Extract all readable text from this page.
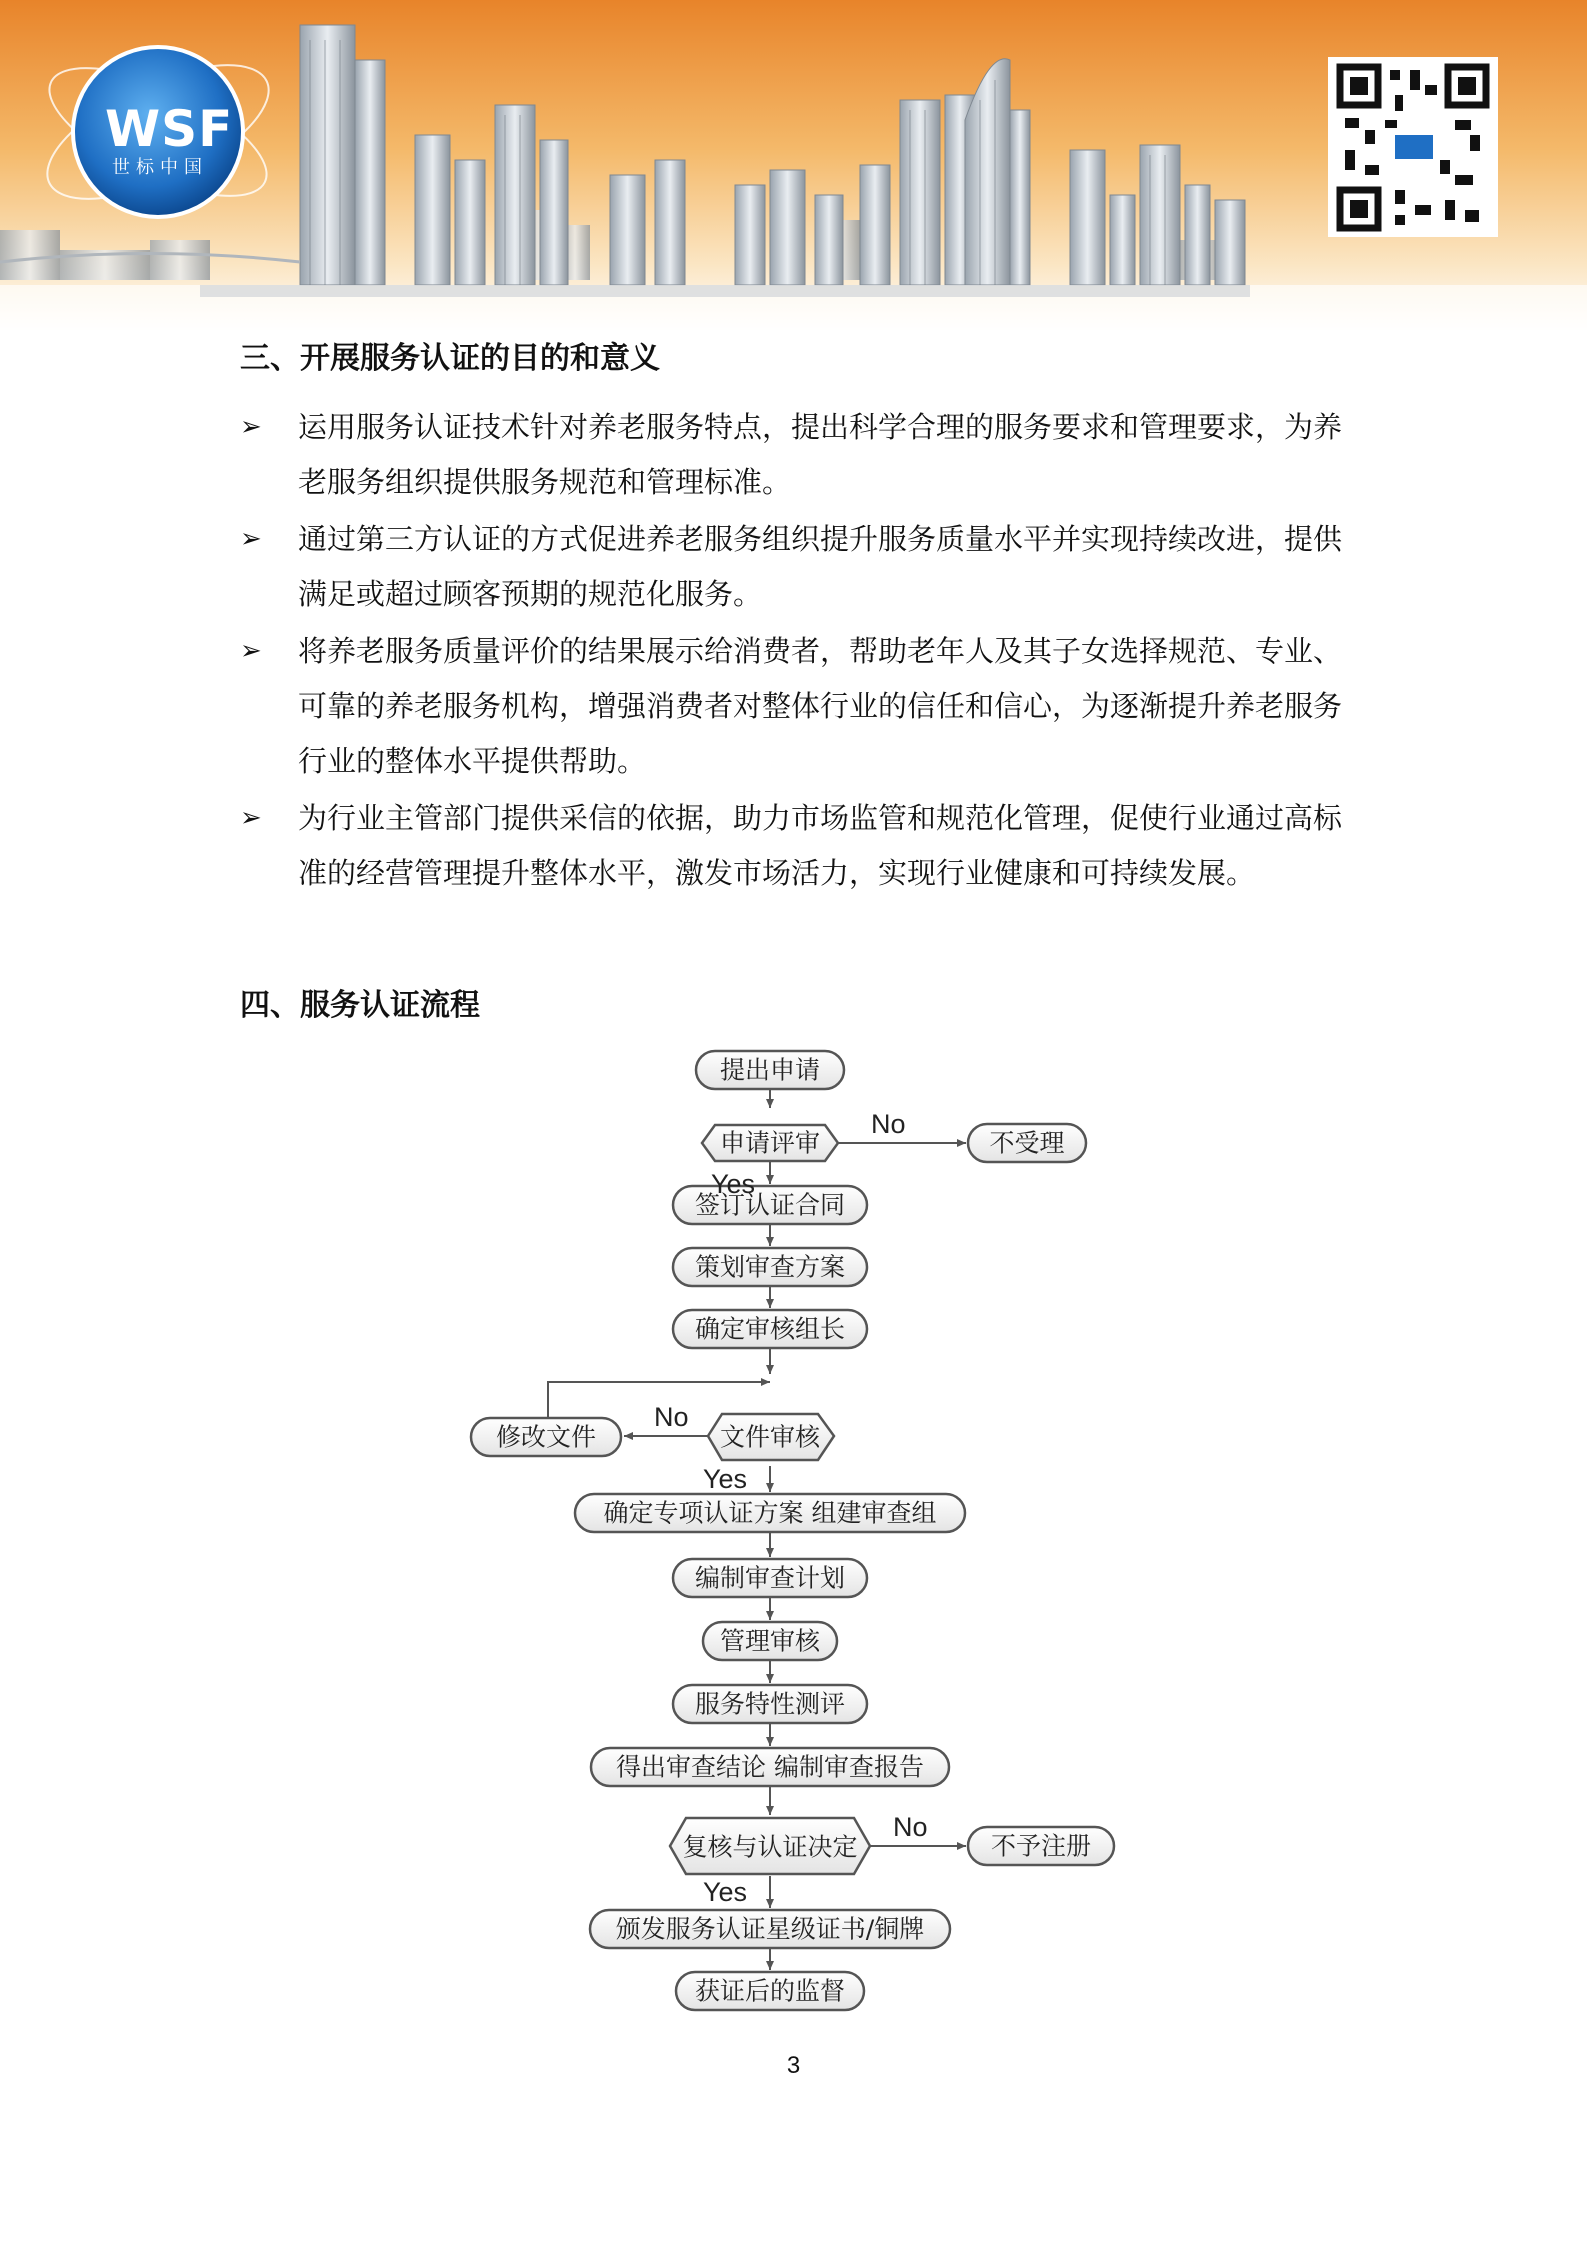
WSF
世标中国
三、开展服务认证的目的和意义
➢ 运用服务认证技术针对养老服务特点，提出科学合理的服务要求和管理要求，为养老服务组织提供服务规范和管理标准。
➢ 通过第三方认证的方式促进养老服务组织提升服务质量水平并实现持续改进，提供满足或超过顾客预期的规范化服务。
➢ 将养老服务质量评价的结果展示给消费者，帮助老年人及其子女选择规范、专业、可靠的养老服务机构，增强消费者对整体行业的信任和信心，为逐渐提升养老服务行业的整体水平提供帮助。
➢ 为行业主管部门提供采信的依据，助力市场监管和规范化管理，促使行业通过高标准的经营管理提升整体水平，激发市场活力，实现行业健康和可持续发展。
四、服务认证流程
提出申请
申请评审	不受理
签订认证合同
策划审查方案
确定审核组长
文件审核
修改文件
确定专项认证方案 组建审查组
编制审查计划
管理审核
服务特性测评
得出审查结论 编制审查报告
复核与认证决定	不予注册
颁发服务认证星级证书/铜牌
获证后的监督
No
Yes
No
Yes
No
Yes
3
